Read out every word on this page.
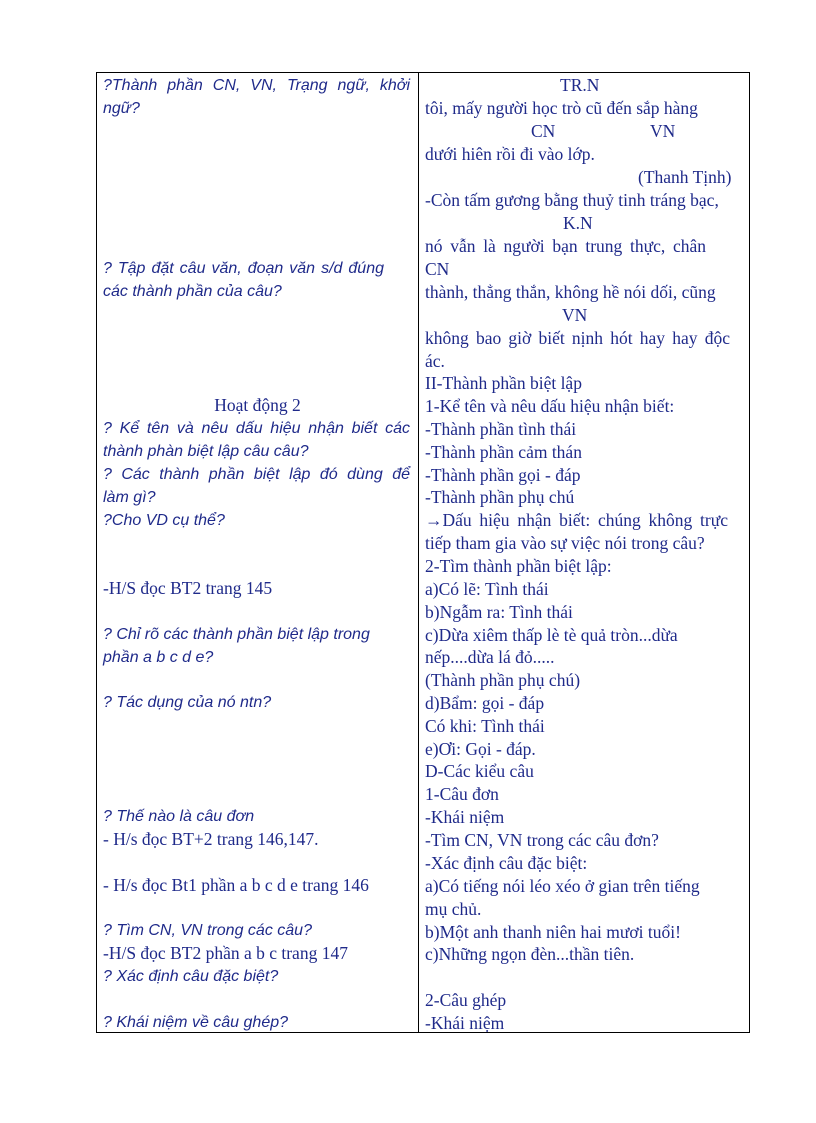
?Thành phần CN, VN, Trạng ngữ, khởi
ngữ?
? Tập đặt câu văn, đoạn văn s/d đúng
các thành phần của câu?
Hoạt động 2
? Kể tên và nêu dấu hiệu nhận biết các
thành phàn biệt lập câu câu?
? Các thành phần biệt lập đó dùng để
làm gì?
?Cho VD cụ thể?
-H/S đọc BT2 trang 145
? Chỉ rõ các thành phần biệt lập trong
phần a b c d e?
? Tác dụng của nó ntn?
? Thế nào là câu đơn
- H/s đọc BT+2 trang 146,147.
- H/s đọc Bt1 phần a b c d e trang 146
? Tìm CN, VN trong các câu?
-H/S đọc BT2 phần a b c trang 147
? Xác định câu đặc biệt?
? Khái niệm về câu ghép?
TR.N
tôi, mấy người học trò cũ đến sắp hàng
CN	VN
dưới hiên rồi đi vào lớp.
(Thanh Tịnh)
-Còn tấm gương bằng thuỷ tinh tráng bạc,
K.N
nó vẫn là người bạn trung thực, chân
CN
thành, thẳng thắn, không hề nói dối, cũng
VN
không bao giờ biết nịnh hót hay hay độc
ác.
II-Thành phần biệt lập
1-Kể tên và nêu dấu hiệu nhận biết:
-Thành phần tình thái
-Thành phần cảm thán
-Thành phần gọi - đáp
-Thành phần phụ chú
→Dấu hiệu nhận biết: chúng không trực
tiếp tham gia vào sự việc nói trong câu?
2-Tìm thành phần biệt lập:
a)Có lẽ: Tình thái
b)Ngẫm ra: Tình thái
c)Dừa xiêm thấp lè tè quả tròn...dừa
nếp....dừa lá đỏ.....
(Thành phần phụ chú)
d)Bẩm: gọi - đáp
Có khi: Tình thái
e)Ơi: Gọi - đáp.
D-Các kiểu câu
1-Câu đơn
-Khái niệm
-Tìm CN, VN trong các câu đơn?
-Xác định câu đặc biệt:
a)Có tiếng nói léo xéo ở gian trên tiếng
mụ chủ.
b)Một anh thanh niên hai mươi tuổi!
c)Những ngọn đèn...thần tiên.
2-Câu ghép
-Khái niệm
